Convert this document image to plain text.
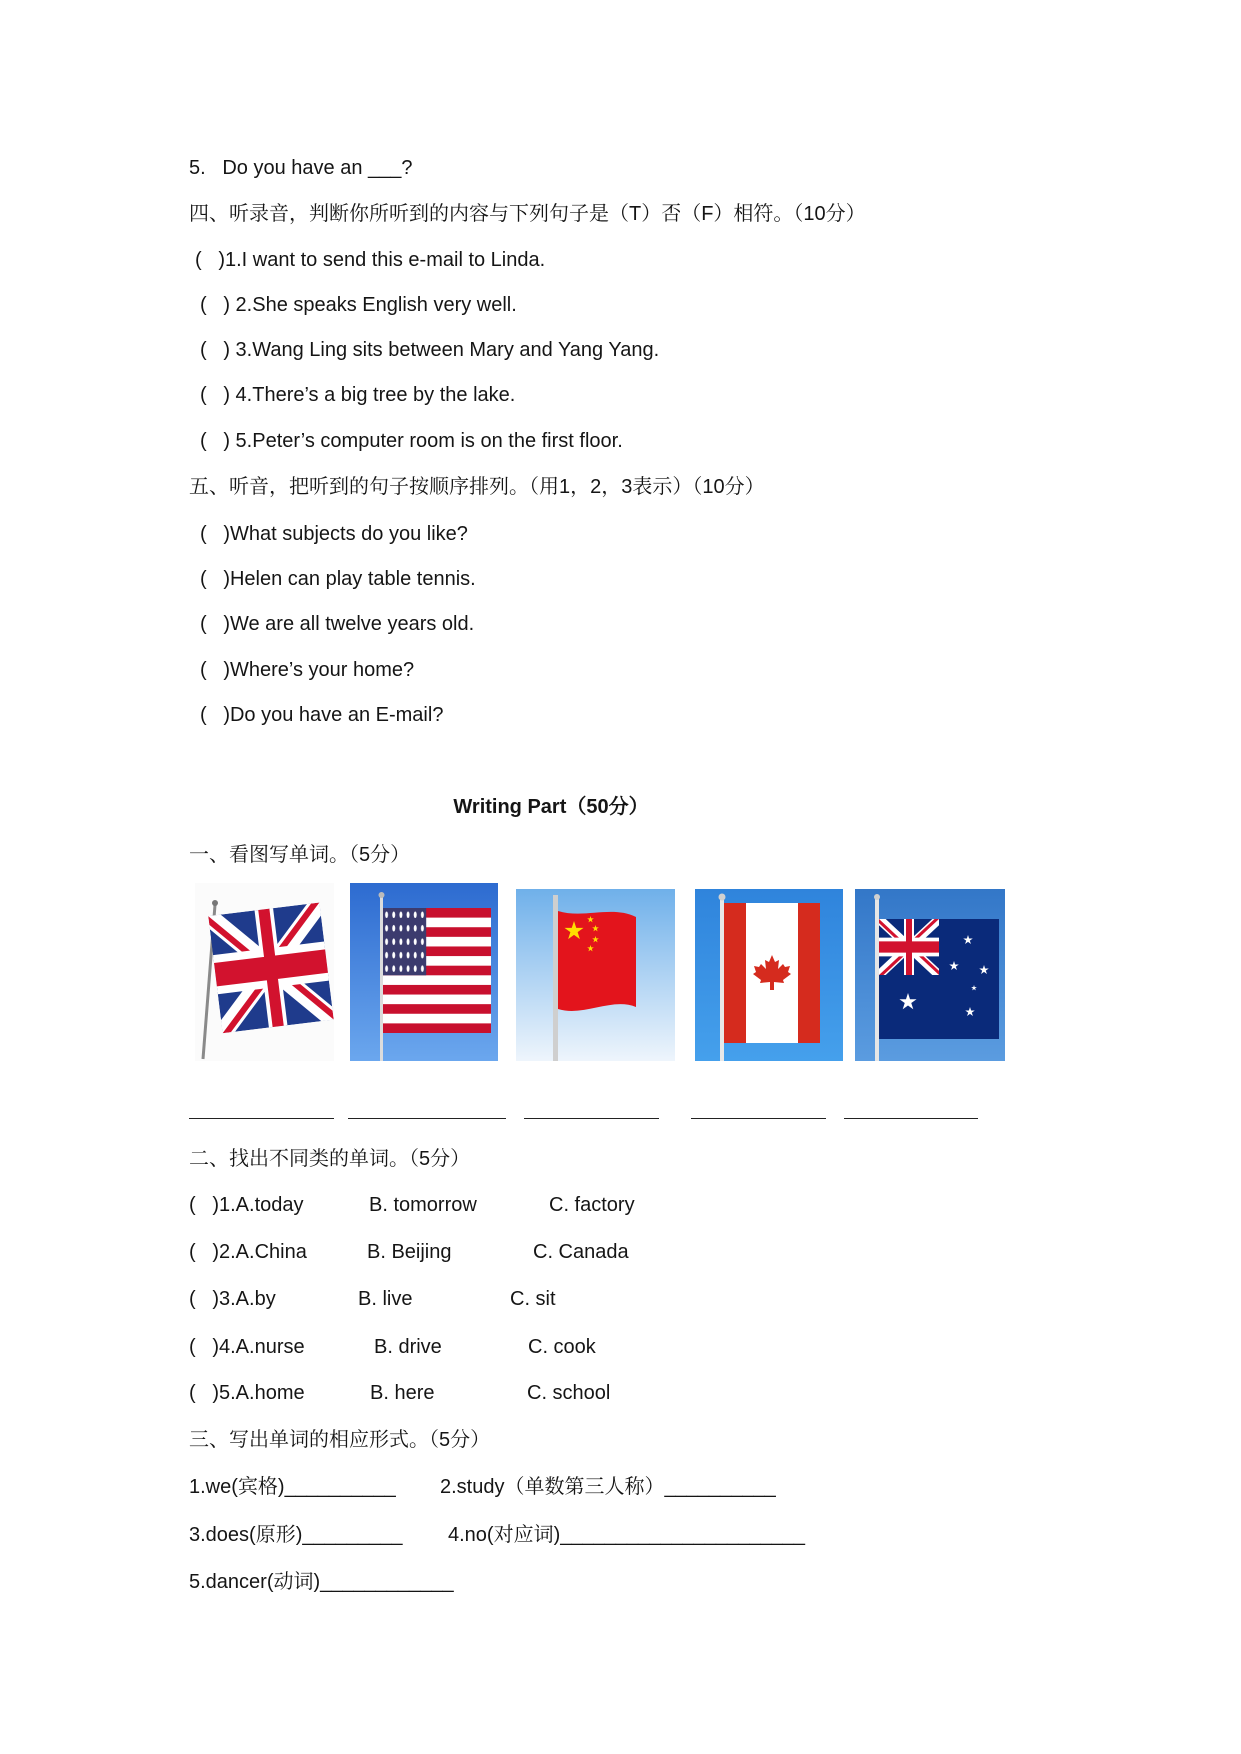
5.   Do you have an ___?
四、听录音，判断你所听到的内容与下列句子是（T）否（F）相符。（10分）
(   )1.I want to send this e-mail to Linda.
(   ) 2.She speaks English very well.
(   ) 3.Wang Ling sits between Mary and Yang Yang.
(   ) 4.There’s a big tree by the lake.
(   ) 5.Peter’s computer room is on the first floor.
五、听音，把听到的句子按顺序排列。（用1，2，3表示）（10分）
(   )What subjects do you like?
(   )Helen can play table tennis.
(   )We are all twelve years old.
(   )Where’s your home?
(   )Do you have an E-mail?
Writing Part（50分）
一、看图写单词。（5分）
二、找出不同类的单词。（5分）
(   )1.A.today	B. tomorrow	C. factory
(   )2.A.China	B. Beijing	C. Canada
(   )3.A.by	B. live	C. sit
(   )4.A.nurse	B. drive	C. cook
(   )5.A.home	B. here	C. school
三、写出单词的相应形式。（5分）
1.we(宾格)__________ 2.study（单数第三人称）__________
3.does(原形)_________ 4.no(对应词)______________________
5.dancer(动词)____________
